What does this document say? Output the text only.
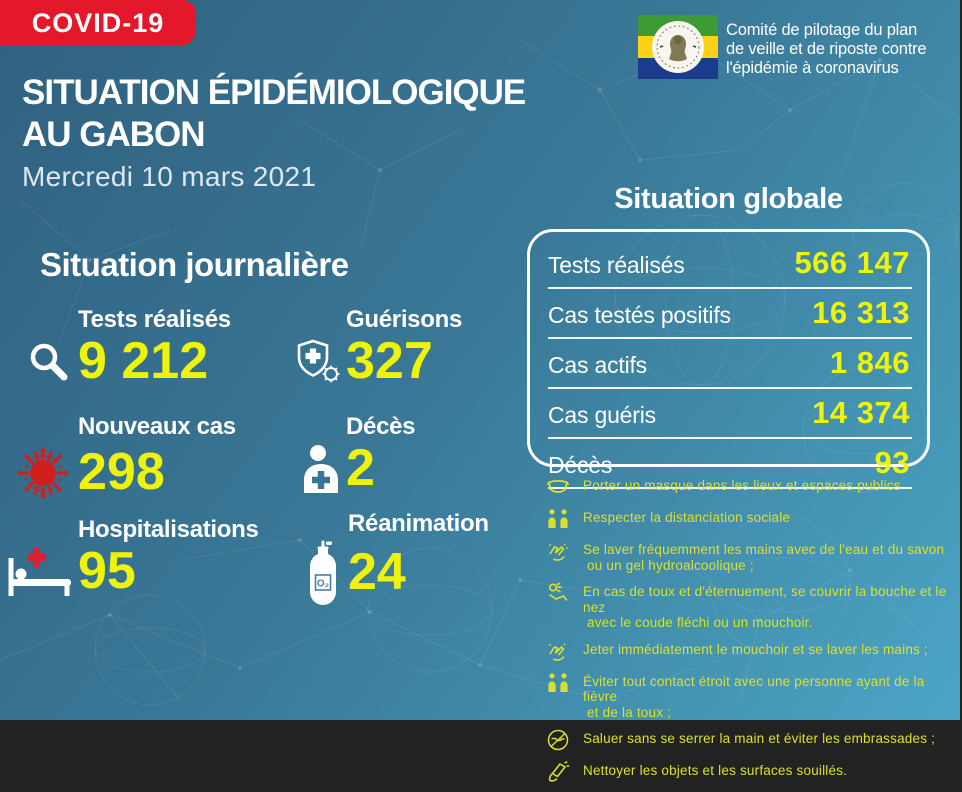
COVID-19	Comité de pilotage du plan
de veille et de riposte contre
l'épidémie à coronavirus
SITUATION ÉPIDÉMIOLOGIQUE
AU GABON
Mercredi 10 mars 2021
Situation journalière
Tests réalisés
9 212
Guérisons
327
Nouveaux cas
298
Décès
2
Hospitalisations
95
Réanimation
O₂ 24
Situation globale
Tests réalisés	566 147
Cas testés positifs	16 313
Cas actifs	1 846
Cas guéris	14 374
Décès	93
Porter un masque dans les lieux et espaces publics
Respecter la distanciation sociale
Se laver fréquemment les mains avec de l'eau et du savon
ou un gel hydroalcoolique ;
En cas de toux et d'éternuement, se couvrir la bouche et le nez
avec le coude fléchi ou un mouchoir.
Jeter immédiatement le mouchoir et se laver les mains ;
Éviter tout contact étroit avec une personne ayant de la fièvre
et de la toux ;
Saluer sans se serrer la main et éviter les embrassades ;
Nettoyer les objets et les surfaces souillés.
